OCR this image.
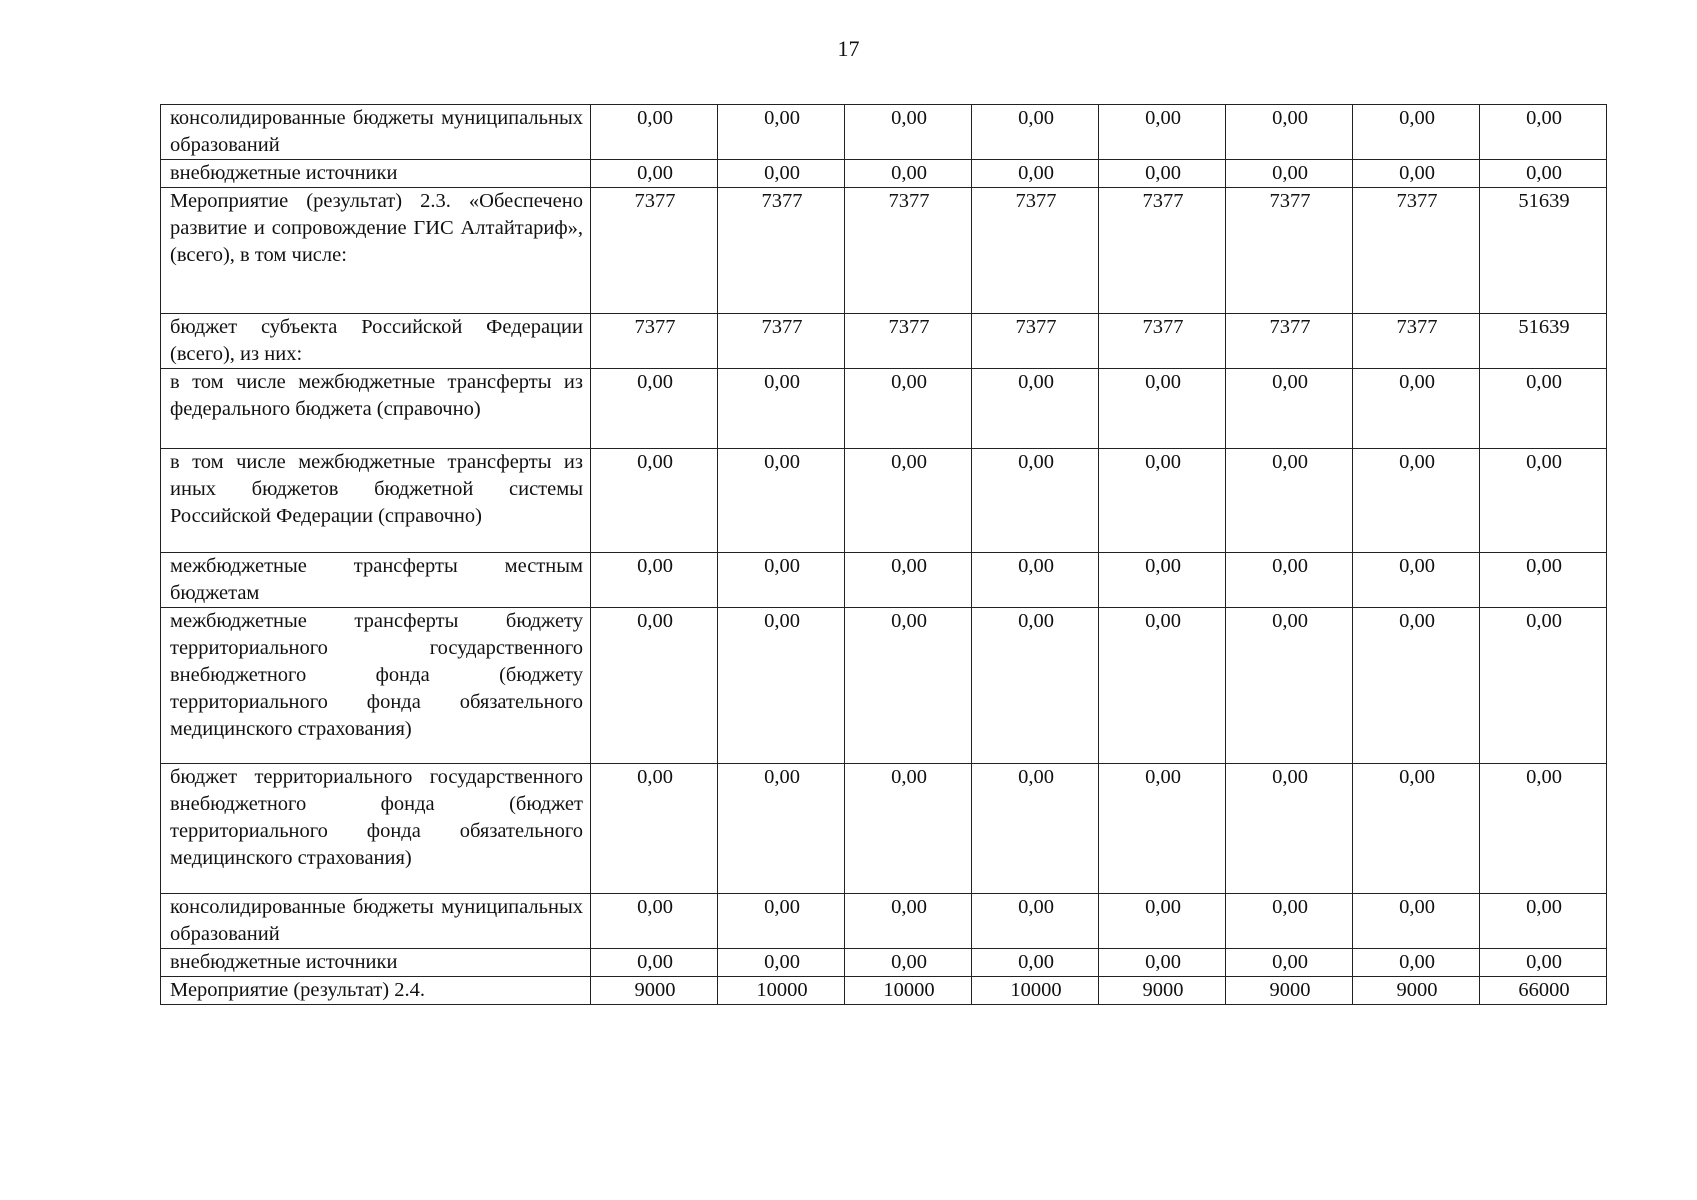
17
консолидированные бюджеты муниципальных образований	0,00	0,00	0,00	0,00	0,00	0,00	0,00	0,00
внебюджетные источники	0,00	0,00	0,00	0,00	0,00	0,00	0,00	0,00
Мероприятие (результат) 2.3. «Обеспечено развитие и сопровождение ГИС Алтайтариф», (всего), в том числе:	7377	7377	7377	7377	7377	7377	7377	51639
бюджет субъекта Российской Федерации (всего), из них:	7377	7377	7377	7377	7377	7377	7377	51639
в том числе межбюджетные трансферты из федерального бюджета (справочно)	0,00	0,00	0,00	0,00	0,00	0,00	0,00	0,00
в том числе межбюджетные трансферты из иных бюджетов бюджетной системы Российской Федерации (справочно)	0,00	0,00	0,00	0,00	0,00	0,00	0,00	0,00
межбюджетные трансферты местным бюджетам	0,00	0,00	0,00	0,00	0,00	0,00	0,00	0,00
межбюджетные трансферты бюджету территориального государственного внебюджетного фонда (бюджету территориального фонда обязательного медицинского страхования)	0,00	0,00	0,00	0,00	0,00	0,00	0,00	0,00
бюджет территориального государственного внебюджетного фонда (бюджет территориального фонда обязательного медицинского страхования)	0,00	0,00	0,00	0,00	0,00	0,00	0,00	0,00
консолидированные бюджеты муниципальных образований	0,00	0,00	0,00	0,00	0,00	0,00	0,00	0,00
внебюджетные источники	0,00	0,00	0,00	0,00	0,00	0,00	0,00	0,00
Мероприятие (результат) 2.4.	9000	10000	10000	10000	9000	9000	9000	66000
